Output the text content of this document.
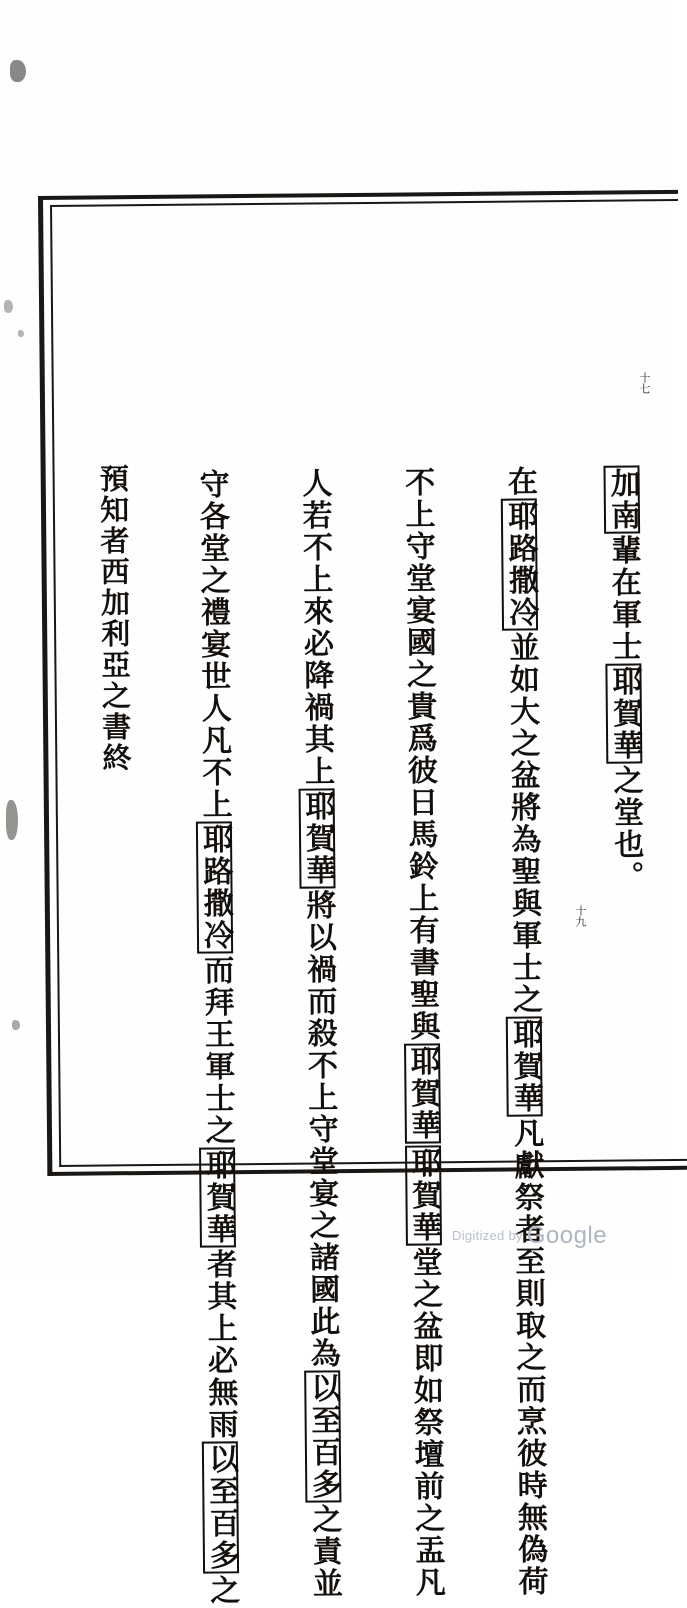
加南輩在軍士耶賀華之堂也。

在耶路撒冷並如大之盆將為聖與軍士之耶賀華凡獻祭者至則取之而烹彼時無偽荷

不上守堂宴國之貴爲彼日馬鈴上有書聖與耶賀華耶賀華堂之盆即如祭壇前之盂凡

人若不上來必降禍其上耶賀華將以禍而殺不上守堂宴之諸國此為以至百多之責並

守各堂之禮宴世人凡不上耶路撒冷而拜王軍士之耶賀華者其上必無雨以至百多之

預知者西加利亞之書終

十七
十九
Digitized by Google
